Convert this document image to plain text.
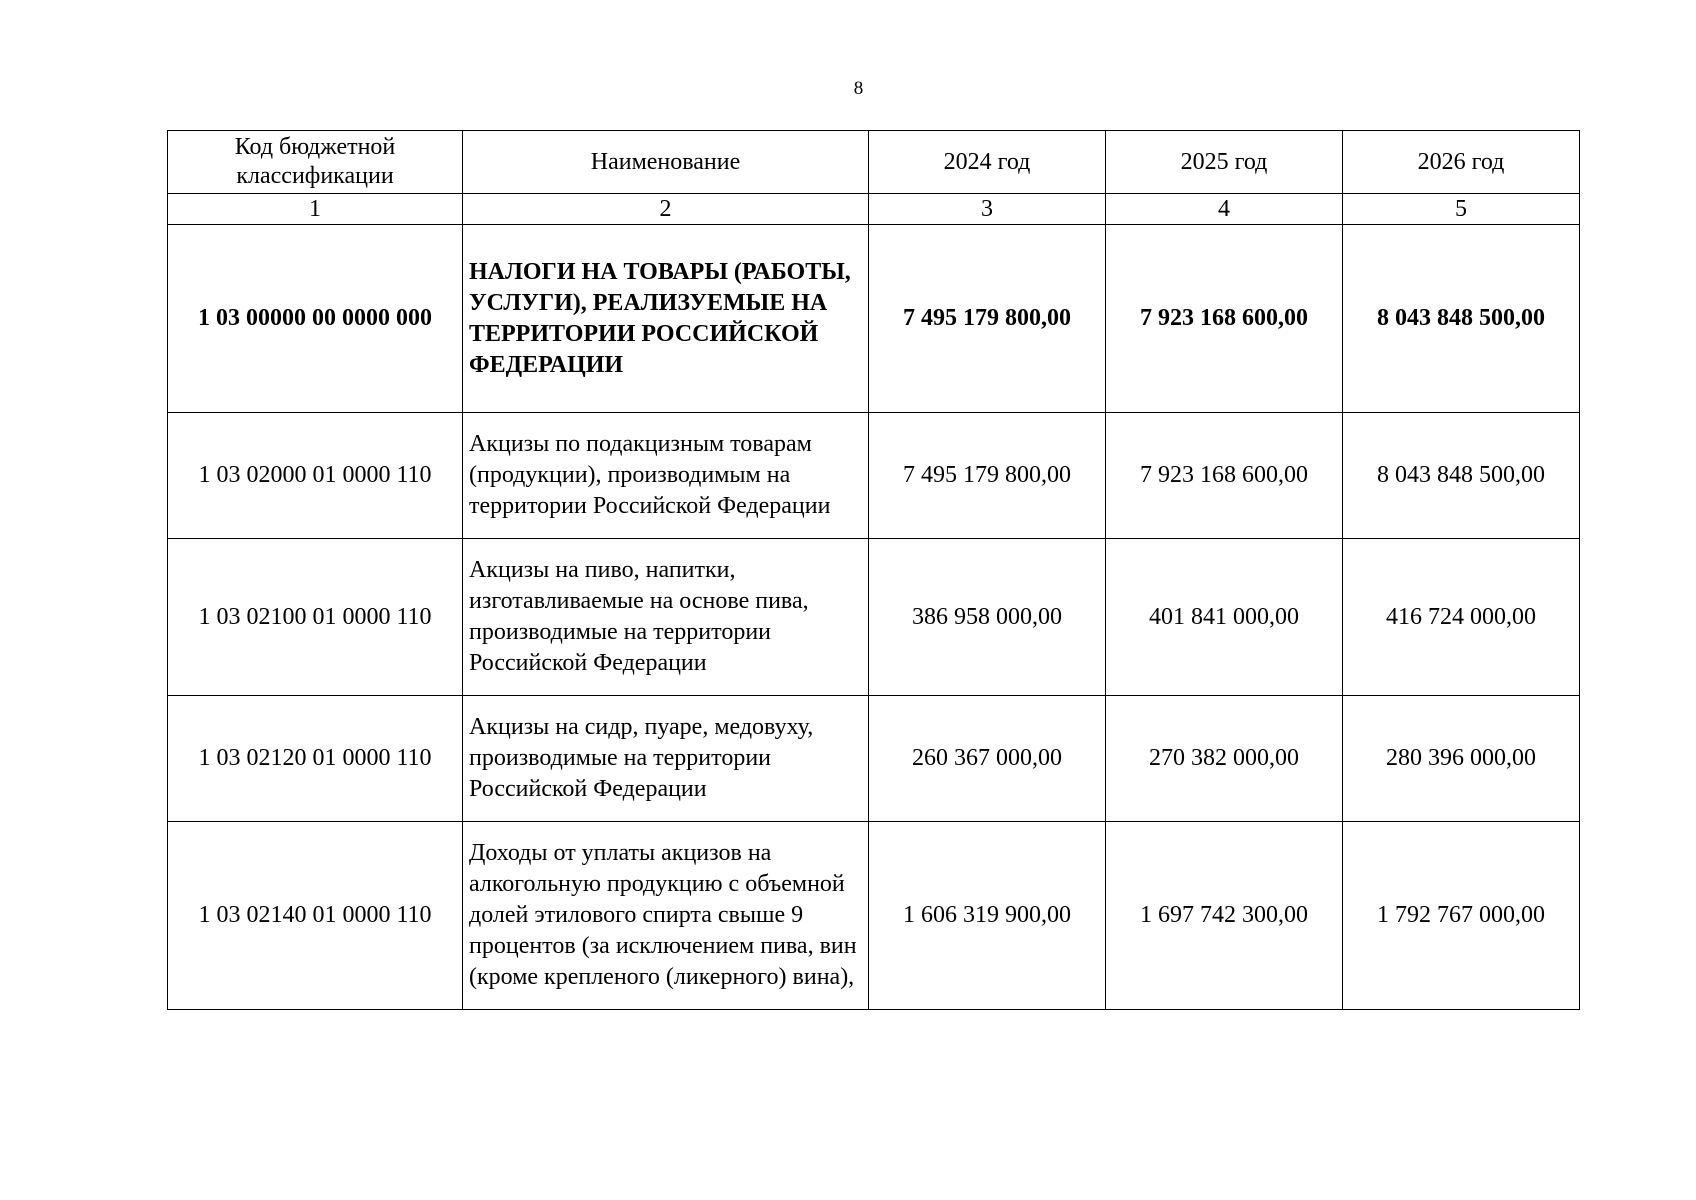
8
Код бюджетной классификации	Наименование	2024 год	2025 год	2026 год
1	2	3	4	5
1 03 00000 00 0000 000	НАЛОГИ НА ТОВАРЫ (РАБОТЫ, УСЛУГИ), РЕАЛИЗУЕМЫЕ НА ТЕРРИТОРИИ РОССИЙСКОЙ ФЕДЕРАЦИИ	7 495 179 800,00	7 923 168 600,00	8 043 848 500,00
1 03 02000 01 0000 110	Акцизы по подакцизным товарам (продукции), производимым на территории Российской Федерации	7 495 179 800,00	7 923 168 600,00	8 043 848 500,00
1 03 02100 01 0000 110	Акцизы на пиво, напитки, изготавливаемые на основе пива, производимые на территории Российской Федерации	386 958 000,00	401 841 000,00	416 724 000,00
1 03 02120 01 0000 110	Акцизы на сидр, пуаре, медовуху, производимые на территории Российской Федерации	260 367 000,00	270 382 000,00	280 396 000,00
1 03 02140 01 0000 110	Доходы от уплаты акцизов на алкогольную продукцию с объемной долей этилового спирта свыше 9 процентов (за исключением пива, вин (кроме крепленого (ликерного) вина),	1 606 319 900,00	1 697 742 300,00	1 792 767 000,00
